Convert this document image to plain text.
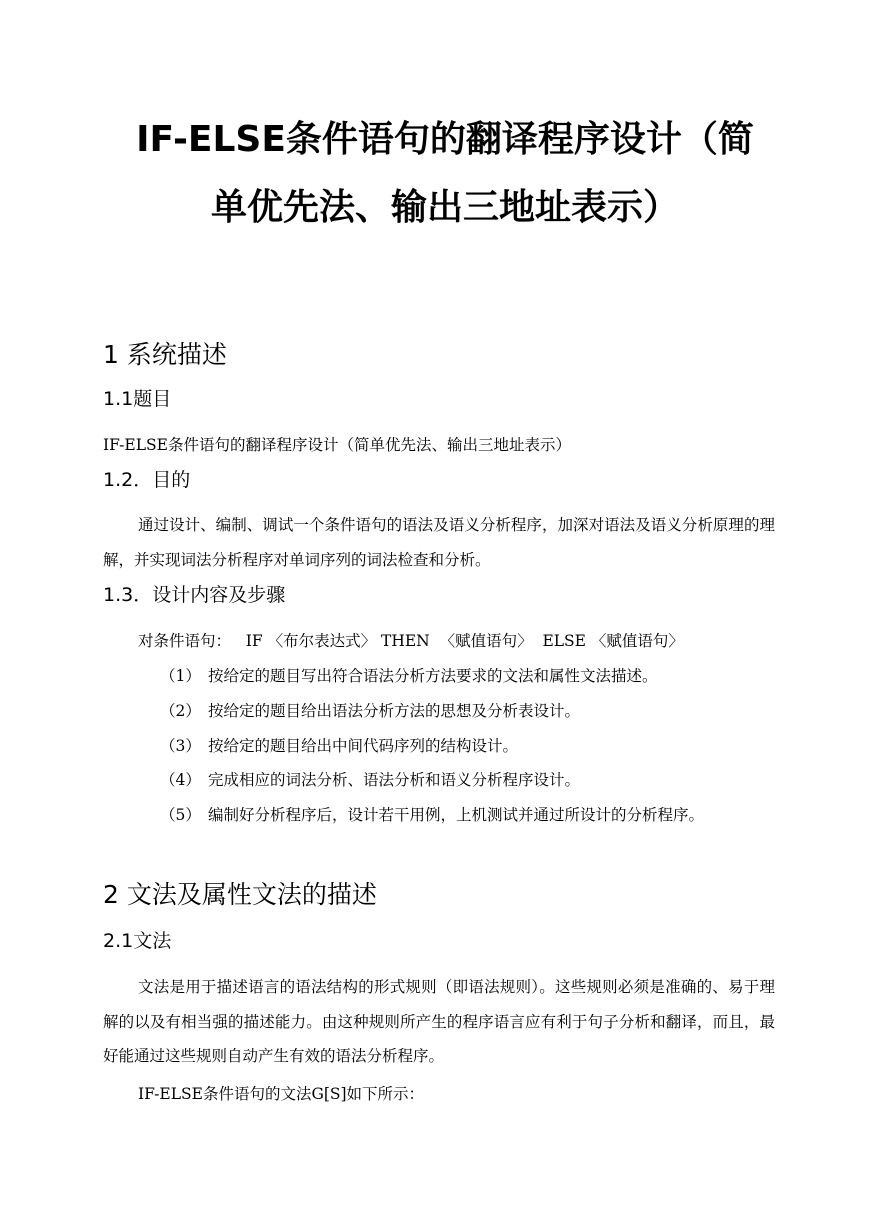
IF-ELSE条件语句的翻译程序设计（简
单优先法、输出三地址表示）
1 系统描述
1.1题目
IF-ELSE条件语句的翻译程序设计（简单优先法、输出三地址表示）
1.2．目的
通过设计、编制、调试一个条件语句的语法及语义分析程序，加深对语法及语义分析原理的理解，并实现词法分析程序对单词序列的词法检查和分析。
1.3．设计内容及步骤
对条件语句：   IF 〈布尔表达式〉 THEN  〈赋值语句〉  ELSE 〈赋值语句〉
（1） 按给定的题目写出符合语法分析方法要求的文法和属性文法描述。
（2） 按给定的题目给出语法分析方法的思想及分析表设计。
（3） 按给定的题目给出中间代码序列的结构设计。
（4） 完成相应的词法分析、语法分析和语义分析程序设计。
（5） 编制好分析程序后，设计若干用例，上机测试并通过所设计的分析程序。
2 文法及属性文法的描述
2.1文法
文法是用于描述语言的语法结构的形式规则（即语法规则）。这些规则必须是准确的、易于理解的以及有相当强的描述能力。由这种规则所产生的程序语言应有利于句子分析和翻译，而且，最好能通过这些规则自动产生有效的语法分析程序。
IF-ELSE条件语句的文法G[S]如下所示：
